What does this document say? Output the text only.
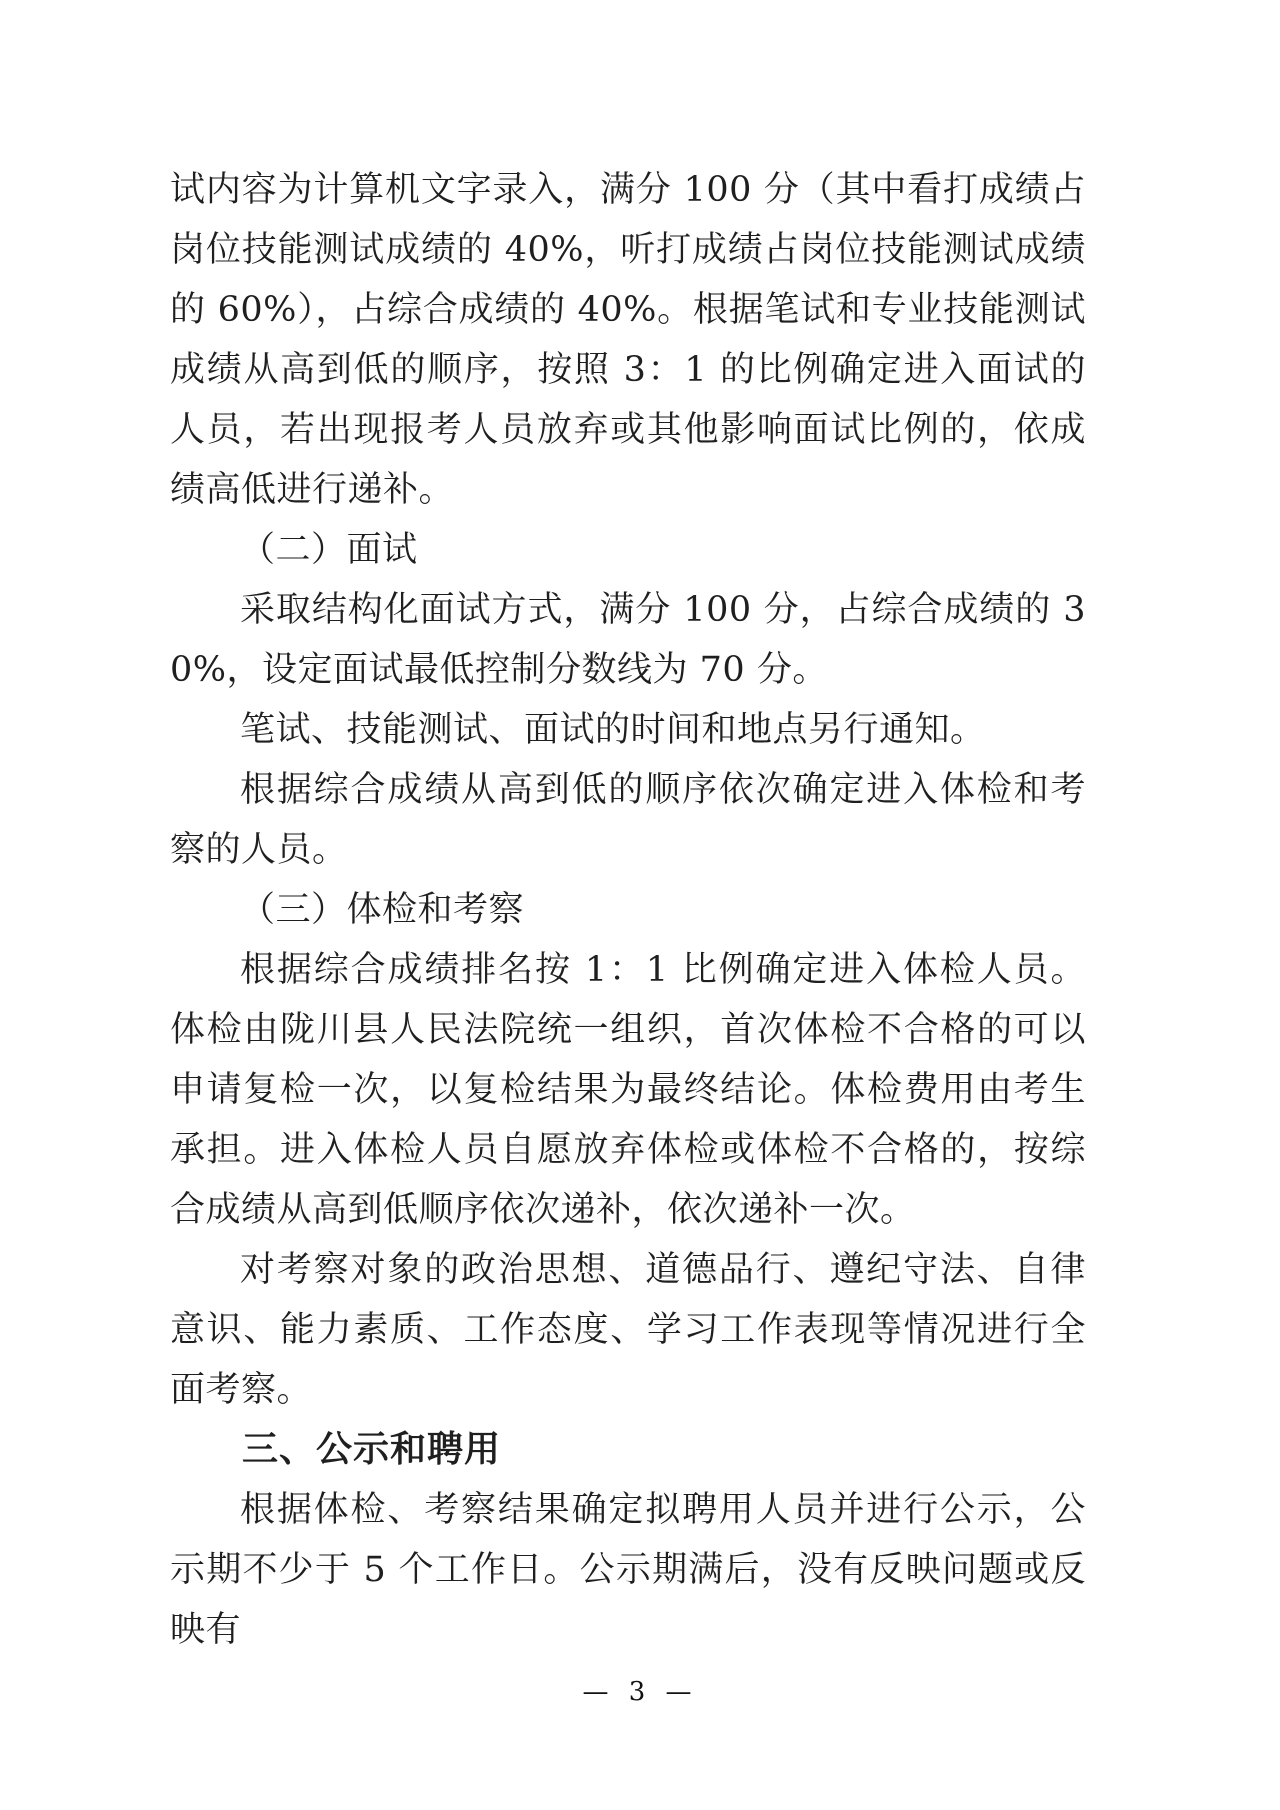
试内容为计算机文字录入，满分 100 分（其中看打成绩占岗位技能测试成绩的 40%，听打成绩占岗位技能测试成绩的 60%），占综合成绩的 40%。根据笔试和专业技能测试成绩从高到低的顺序，按照 3：1 的比例确定进入面试的人员，若出现报考人员放弃或其他影响面试比例的，依成绩高低进行递补。

（二）面试

采取结构化面试方式，满分 100 分，占综合成绩的 30%，设定面试最低控制分数线为 70 分。

笔试、技能测试、面试的时间和地点另行通知。

根据综合成绩从高到低的顺序依次确定进入体检和考察的人员。

（三）体检和考察

根据综合成绩排名按 1：1 比例确定进入体检人员。体检由陇川县人民法院统一组织，首次体检不合格的可以申请复检一次，以复检结果为最终结论。体检费用由考生承担。进入体检人员自愿放弃体检或体检不合格的，按综合成绩从高到低顺序依次递补，依次递补一次。

对考察对象的政治思想、道德品行、遵纪守法、自律意识、能力素质、工作态度、学习工作表现等情况进行全面考察。

三、公示和聘用

根据体检、考察结果确定拟聘用人员并进行公示，公示期不少于 5 个工作日。公示期满后，没有反映问题或反映有

— 3 —
